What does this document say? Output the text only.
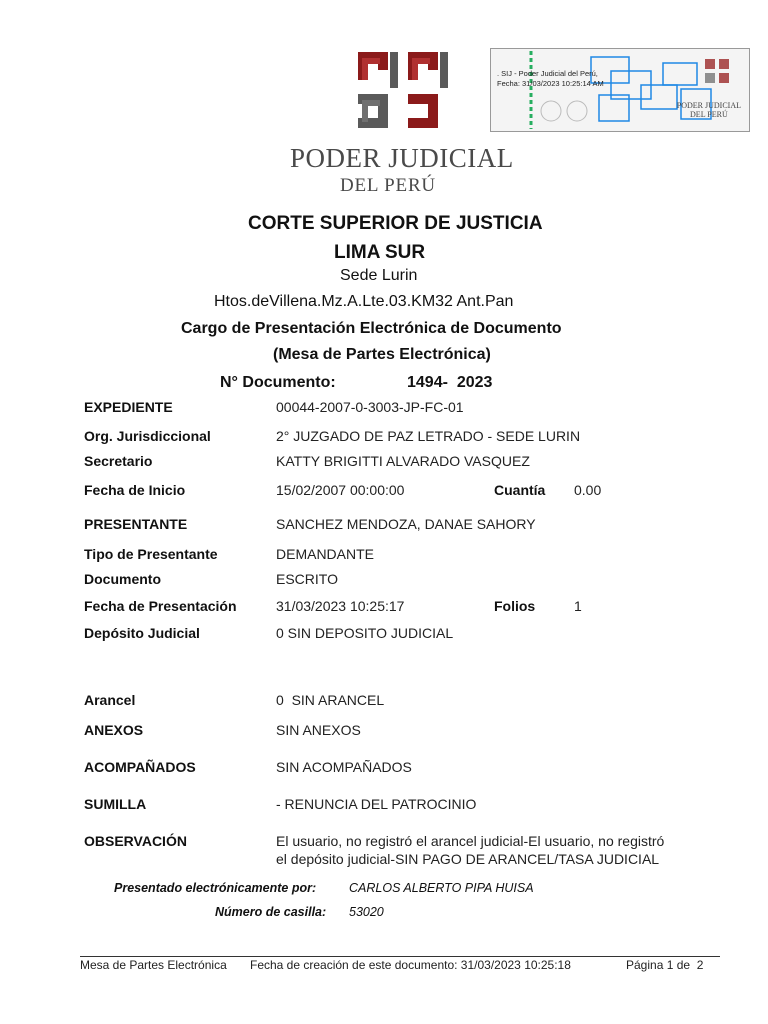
PODER JUDICIAL
DEL PERÚ
. SIJ - Poder Judicial del Perú,
Fecha: 31/03/2023 10:25:14 AM
PODER JUDICIAL
DEL PERÚ
CORTE SUPERIOR DE JUSTICIA
LIMA SUR
Sede Lurin
Htos.deVillena.Mz.A.Lte.03.KM32 Ant.Pan
Cargo de Presentación Electrónica de Documento
(Mesa de Partes Electrónica)
N° Documento:	1494-  2023
EXPEDIENTE	00044-2007-0-3003-JP-FC-01
Org. Jurisdiccional	2° JUZGADO DE PAZ LETRADO - SEDE LURIN
Secretario	KATTY BRIGITTI ALVARADO VASQUEZ
Fecha de Inicio	15/02/2007 00:00:00	Cuantía 0.00
PRESENTANTE	SANCHEZ MENDOZA, DANAE SAHORY
Tipo de Presentante	DEMANDANTE
Documento	ESCRITO
Fecha de Presentación	31/03/2023 10:25:17	Folios	1
Depósito Judicial	0 SIN DEPOSITO JUDICIAL
Arancel	0  SIN ARANCEL
ANEXOS	SIN ANEXOS
ACOMPAÑADOS	SIN ACOMPAÑADOS
SUMILLA	- RENUNCIA DEL PATROCINIO
OBSERVACIÓN	El usuario, no registró el arancel judicial-El usuario, no registró
el depósito judicial-SIN PAGO DE ARANCEL/TASA JUDICIAL
Presentado electrónicamente por:	CARLOS ALBERTO PIPA HUISA
Número de casilla: 53020
Mesa de Partes Electrónica Fecha de creación de este documento: 31/03/2023 10:25:18	Página 1 de  2
